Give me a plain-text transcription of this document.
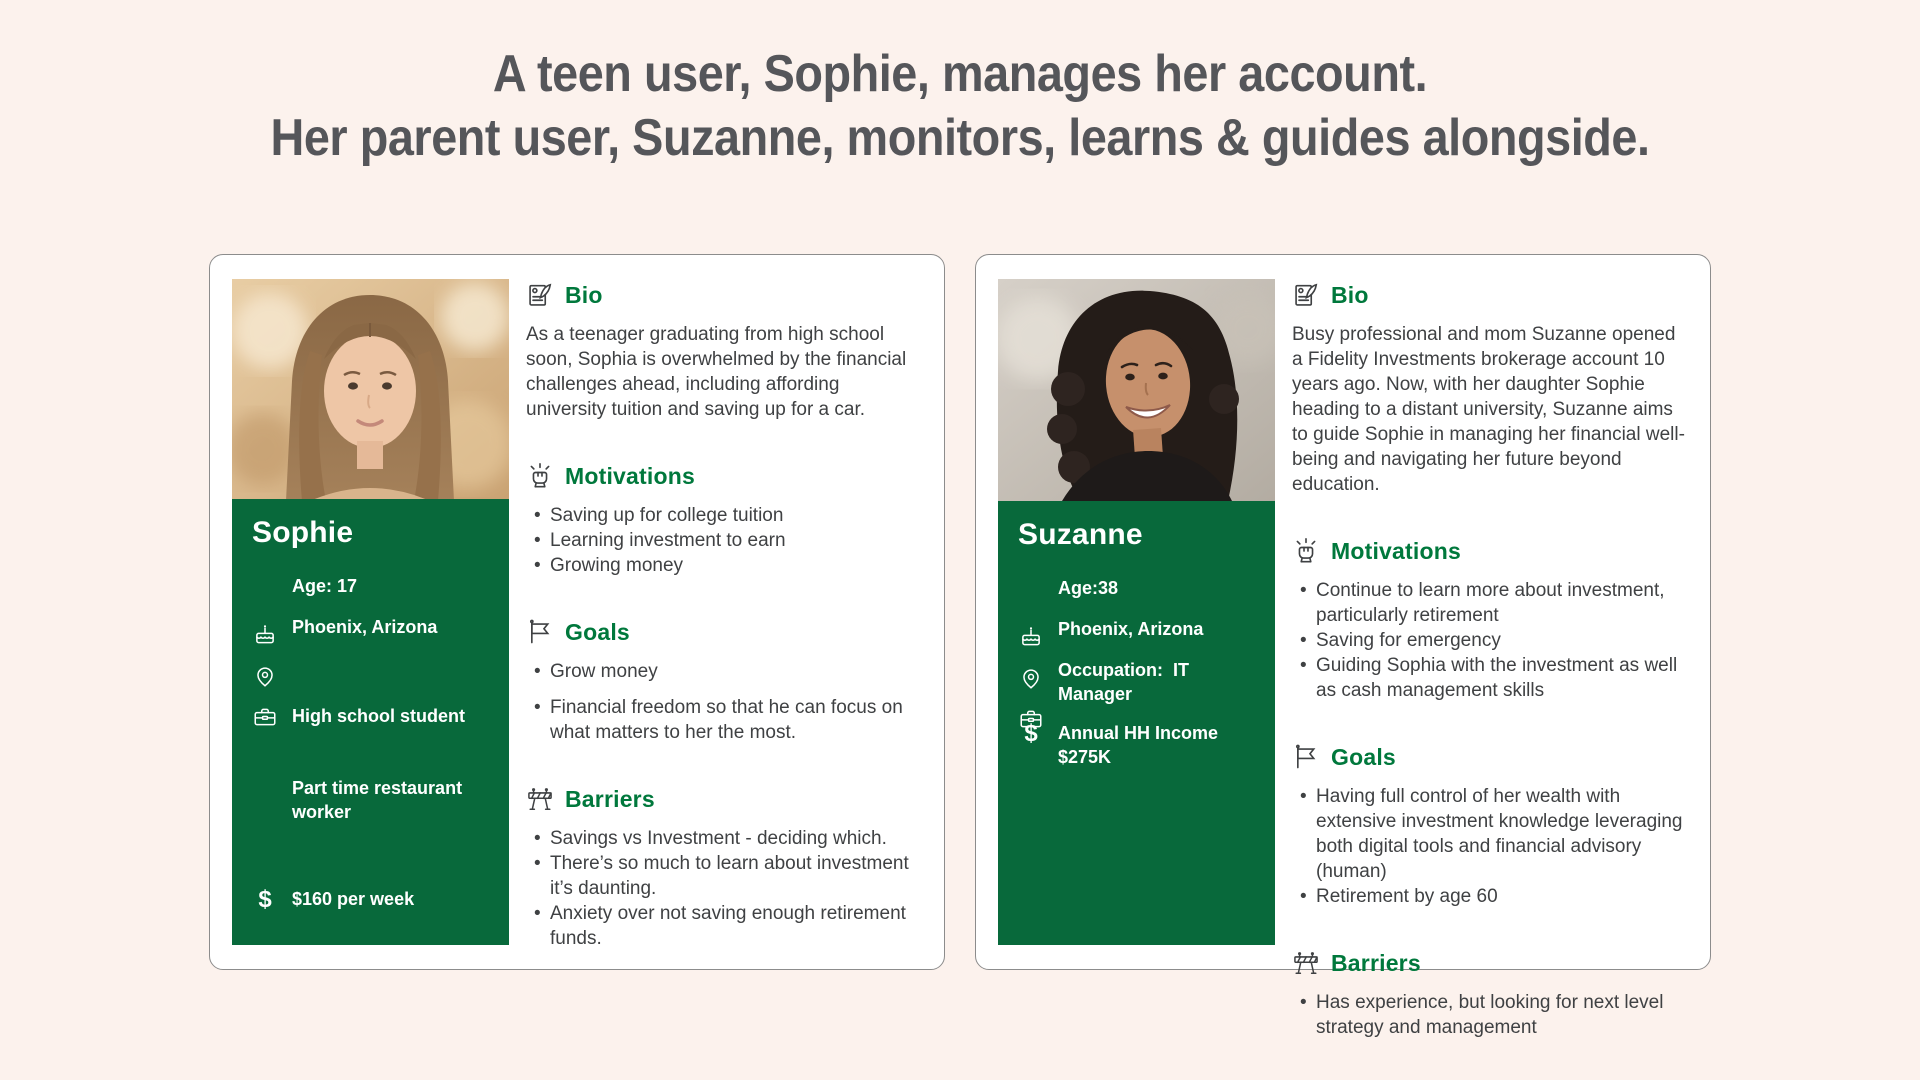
A teen user, Sophie, manages her account.
Her parent user, Suzanne, monitors, learns & guides alongside.
Sophie

Age: 17

Phoenix, Arizona

High school student

Part time restaurant worker

$	$160 per week
Bio

As a teenager graduating from high school soon, Sophia is overwhelmed by the financial challenges ahead, including affording university tuition and saving up for a car.

Motivations
• Saving up for college tuition
• Learning investment to earn
• Growing money
Goals
• Grow money
• Financial freedom so that he can focus on what matters to her the most.
Barriers
• Savings vs Investment - deciding which.
• There’s so much to learn about investment it’s daunting.
• Anxiety over not saving enough retirement funds.
Suzanne

Age:38

Phoenix, Arizona

Occupation:  IT Manager
$	Annual HH Income $275K
Bio

Busy professional and mom Suzanne opened a Fidelity Investments brokerage account 10 years ago. Now, with her daughter Sophie heading to a distant university, Suzanne aims to guide Sophie in managing her financial well-being and navigating her future beyond education.

Motivations
• Continue to learn more about investment, particularly retirement
• Saving for emergency
• Guiding Sophia with the investment as well as cash management skills
Goals
• Having full control of her wealth with extensive investment knowledge leveraging both digital tools and financial advisory (human)
• Retirement by age 60
Barriers
• Has experience, but looking for next level strategy and management
